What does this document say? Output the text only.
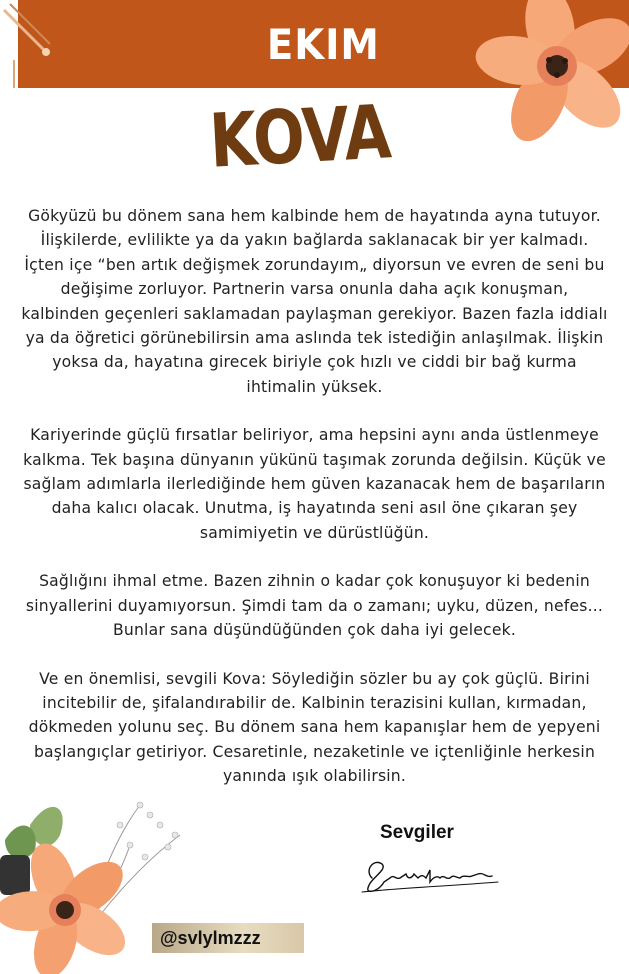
EKIM
KOVA

Gökyüzü bu dönem sana hem kalbinde hem de hayatında ayna tutuyor.
İlişkilerde, evlilikte ya da yakın bağlarda saklanacak bir yer kalmadı.
İçten içe “ben artık değişmek zorundayım„ diyorsun ve evren de seni bu
değişime zorluyor. Partnerin varsa onunla daha açık konuşman,
kalbinden geçenleri saklamadan paylaşman gerekiyor. Bazen fazla iddialı
ya da öğretici görünebilirsin ama aslında tek istediğin anlaşılmak. İlişkin
yoksa da, hayatına girecek biriyle çok hızlı ve ciddi bir bağ kurma
ihtimalin yüksek.

Kariyerinde güçlü fırsatlar beliriyor, ama hepsini aynı anda üstlenmeye
kalkma. Tek başına dünyanın yükünü taşımak zorunda değilsin. Küçük ve
sağlam adımlarla ilerlediğinde hem güven kazanacak hem de başarıların
daha kalıcı olacak. Unutma, iş hayatında seni asıl öne çıkaran şey
samimiyetin ve dürüstlüğün.

Sağlığını ihmal etme. Bazen zihnin o kadar çok konuşuyor ki bedenin
sinyallerini duyamıyorsun. Şimdi tam da o zamanı; uyku, düzen, nefes...
Bunlar sana düşündüğünden çok daha iyi gelecek.

Ve en önemlisi, sevgili Kova: Söylediğin sözler bu ay çok güçlü. Birini
incitebilir de, şifalandırabilir de. Kalbinin terazisini kullan, kırmadan,
dökmeden yolunu seç. Bu dönem sana hem kapanışlar hem de yepyeni
başlangıçlar getiriyor. Cesaretinle, nezaketinle ve içtenliğinle herkesin
yanında ışık olabilirsin.

Sevgiler
@svlylmzzz
